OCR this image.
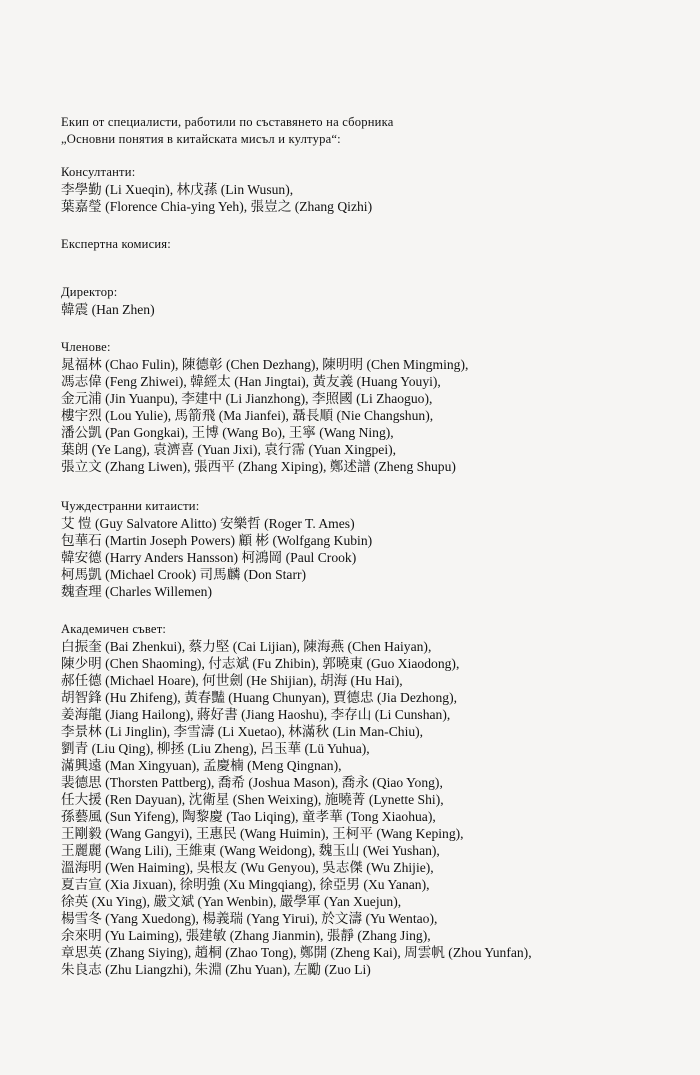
Екип от специалисти, работили по съставянето на сборника
„Основни понятия в китайската мисъл и култура“:
Консултанти:
李學勤 (Li Xueqin), 林戊蓀 (Lin Wusun),
葉嘉瑩 (Florence Chia-ying Yeh), 張豈之 (Zhang Qizhi)
Експертна комисия:
Директор:
韓震 (Han Zhen)
Членове:
晁福林 (Chao Fulin), 陳德彰 (Chen Dezhang), 陳明明 (Chen Mingming),
馮志偉 (Feng Zhiwei), 韓經太 (Han Jingtai), 黃友義 (Huang Youyi),
金元浦 (Jin Yuanpu), 李建中 (Li Jianzhong), 李照國 (Li Zhaoguo),
樓宇烈 (Lou Yulie), 馬箭飛 (Ma Jianfei), 聶長順 (Nie Changshun),
潘公凱 (Pan Gongkai), 王博 (Wang Bo), 王寧 (Wang Ning),
葉朗 (Ye Lang), 袁濟喜 (Yuan Jixi), 袁行霈 (Yuan Xingpei),
張立文 (Zhang Liwen), 張西平 (Zhang Xiping), 鄭述譜 (Zheng Shupu)
Чуждестранни китаисти:
艾 愷 (Guy Salvatore Alitto) 安樂哲 (Roger T. Ames)
包華石 (Martin Joseph Powers) 顧 彬 (Wolfgang Kubin)
韓安德 (Harry Anders Hansson) 柯鴻岡 (Paul Crook)
柯馬凱 (Michael Crook) 司馬麟 (Don Starr)
魏查理 (Charles Willemen)
Академичен съвет:
白振奎 (Bai Zhenkui), 蔡力堅 (Cai Lijian), 陳海燕 (Chen Haiyan),
陳少明 (Chen Shaoming), 付志斌 (Fu Zhibin), 郭曉東 (Guo Xiaodong),
郝任德 (Michael Hoare), 何世劍 (He Shijian), 胡海 (Hu Hai),
胡智鋒 (Hu Zhifeng), 黃春豔 (Huang Chunyan), 賈德忠 (Jia Dezhong),
姜海龍 (Jiang Hailong), 蔣好書 (Jiang Haoshu), 李存山 (Li Cunshan),
李景林 (Li Jinglin), 李雪濤 (Li Xuetao), 林滿秋 (Lin Man-Chiu),
劉青 (Liu Qing), 柳拯 (Liu Zheng), 呂玉華 (Lü Yuhua),
滿興遠 (Man Xingyuan), 孟慶楠 (Meng Qingnan),
裴德思 (Thorsten Pattberg), 喬希 (Joshua Mason), 喬永 (Qiao Yong),
任大援 (Ren Dayuan), 沈衛星 (Shen Weixing), 施曉菁 (Lynette Shi),
孫藝風 (Sun Yifeng), 陶黎慶 (Tao Liqing), 童孝華 (Tong Xiaohua),
王剛毅 (Wang Gangyi), 王惠民 (Wang Huimin), 王柯平 (Wang Keping),
王麗麗 (Wang Lili), 王維東 (Wang Weidong), 魏玉山 (Wei Yushan),
溫海明 (Wen Haiming), 吳根友 (Wu Genyou), 吳志傑 (Wu Zhijie),
夏吉宣 (Xia Jixuan), 徐明強 (Xu Mingqiang), 徐亞男 (Xu Yanan),
徐英 (Xu Ying), 嚴文斌 (Yan Wenbin), 嚴學軍 (Yan Xuejun),
楊雪冬 (Yang Xuedong), 楊義瑞 (Yang Yirui), 於文濤 (Yu Wentao),
余來明 (Yu Laiming), 張建敏 (Zhang Jianmin), 張靜 (Zhang Jing),
章思英 (Zhang Siying), 趙桐 (Zhao Tong), 鄭開 (Zheng Kai), 周雲帆 (Zhou Yunfan),
朱良志 (Zhu Liangzhi), 朱淵 (Zhu Yuan), 左勵 (Zuo Li)
